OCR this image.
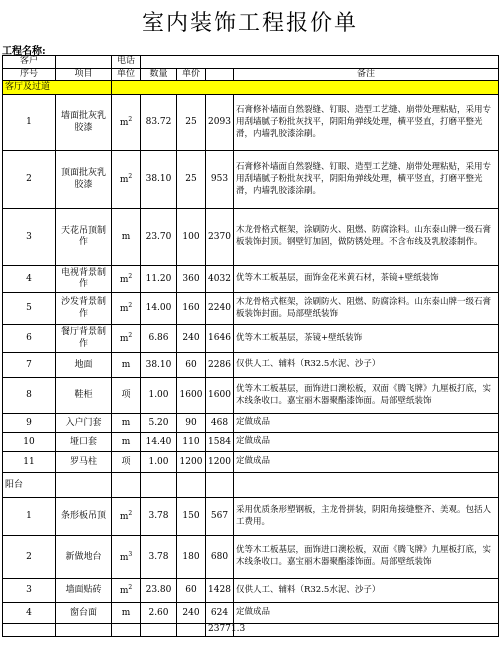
室内装饰工程报价单
工程名称:
客户		电话				
序号	项目	单位	数量	单价		备注
客厅及过道						
1	墙面批灰乳胶漆	$m^2$	83.72	25	2093	石膏修补墙面自然裂缝、钉眼、造型工艺缝、崩带处理粘贴，采用专用刮墙腻子粉批灰找平，阴阳角弹线处理，横平竖直，打磨平整光滑，内墙乳胶漆涂刷。
2	顶面批灰乳胶漆	$m^2$	38.10	25	953	石膏修补墙面自然裂缝、钉眼、造型工艺缝、崩带处理粘贴，采用专用刮墙腻子粉批灰找平，阴阳角弹线处理，横平竖直，打磨平整光滑，内墙乳胶漆涂刷。
3	天花吊顶制作	m	23.70	100	2370	木龙骨格式框架，涂刷防火、阻燃、防腐涂料。山东泰山牌一级石膏板装饰封顶。钢壁钉加固，做防锈处理。不含布线及乳胶漆制作。
4	电视背景制作	$m^2$	11.20	360	4032	优等木工板基层，面饰金花米黄石材，茶镜+壁纸装饰
5	沙发背景制作	$m^2$	14.00	160	2240	木龙骨格式框架，涂刷防火、阻燃、防腐涂料。山东泰山牌一级石膏板装饰封面。局部壁纸装饰
6	餐厅背景制作	$m^2$	6.86	240	1646	优等木工板基层，茶镜+壁纸装饰
7	地面	m	38.10	60	2286	仅供人工、辅料（R32.5水泥、沙子）
8	鞋柜	项	1.00	1600	1600	优等木工板基层，面饰进口澳松板，双面《腾飞牌》九厘板打底，实木线条收口。嘉宝丽木器聚酯漆饰面。局部壁纸装饰
9	入户门套	m	5.20	90	468	定做成品
10	垭口套	m	14.40	110	1584	定做成品
11	罗马柱	项	1.00	1200	1200	定做成品
阳台						
1	条形板吊顶	$m^2$	3.78	150	567	采用优质条形塑钢板，主龙骨拼装，阴阳角接缝整齐、美观。包括人工费用。
2	新做地台	$m^3$	3.78	180	680	优等木工板基层，面饰进口澳松板，双面《腾飞牌》九厘板打底，实木线条收口。嘉宝丽木器聚酯漆饰面。局部壁纸装饰
3	墙面贴砖	$m^2$	23.80	60	1428	仅供人工、辅料（R32.5水泥、沙子）
4	窗台面	m	2.60	240	624	定做成品
					23771.3	
